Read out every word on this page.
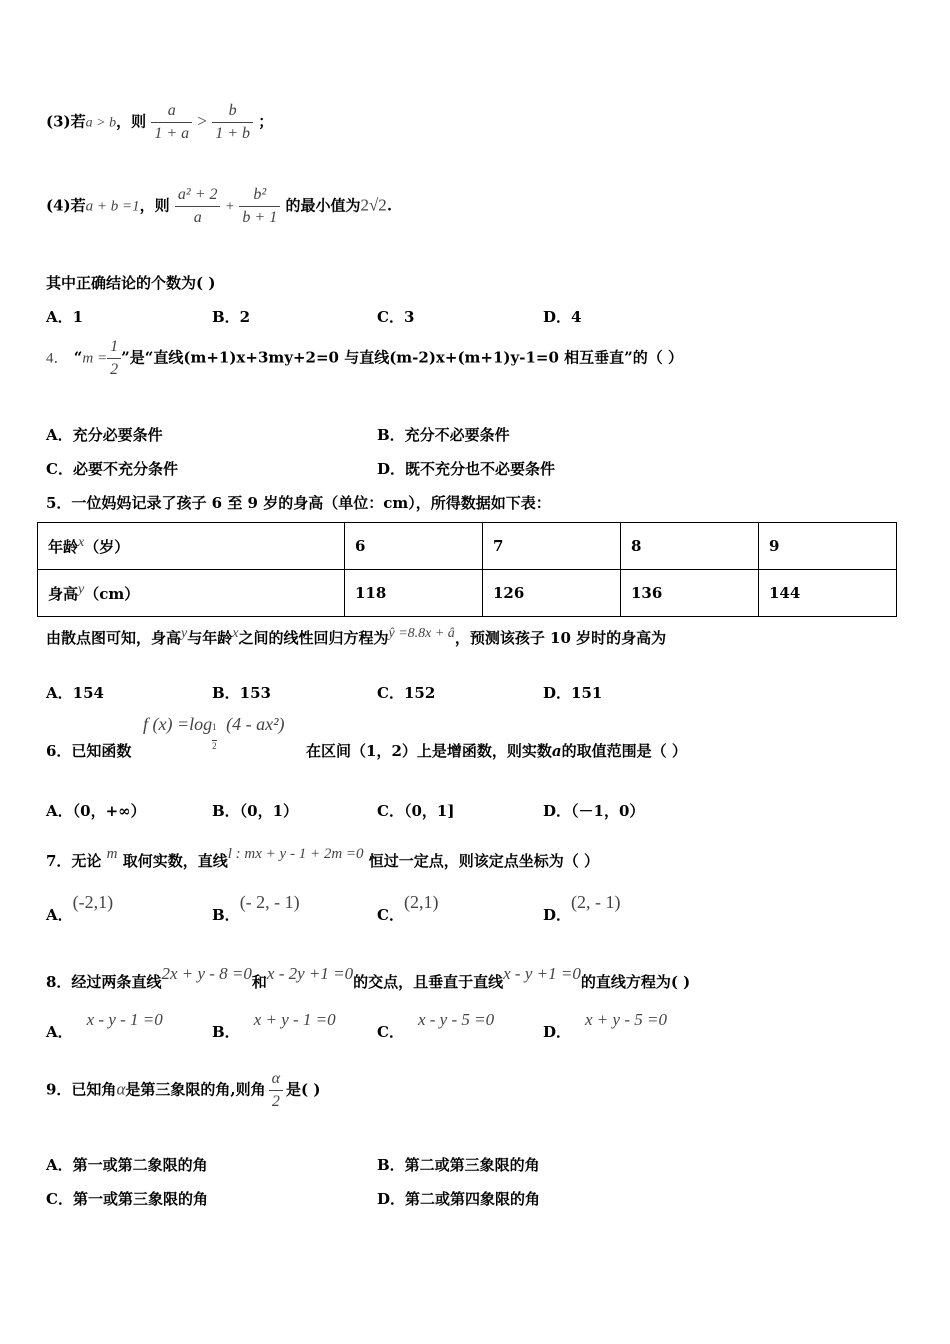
(3)若a > b，则 $\frac{a}{1 + a} > \frac{b}{1 + b}$ ；
(4)若a + b =1，则 $\frac{\text{a² + 2}}{a} + \frac{\text{b²}}{b + 1}$ 的最小值为2√2.
其中正确结论的个数为( )
A．1	B．2	C．3	D．4
4． “$m = \frac{1}{2}$ ”是“直线(m+1)x+3my+2=0 与直线(m-2)x+(m+1)y-1=0 相互垂直”的（ ）
A．充分必要条件	B．充分不必要条件
C．必要不充分条件	D．既不充分也不必要条件
5．一位妈妈记录了孩子 6 至 9 岁的身高（单位：cm），所得数据如下表：
年龄x（岁）	6	7	8	9
身高y（cm）	118	126	136	144
由散点图可知，身高y与年龄x之间的线性回归方程为ŷ =8.8x + â，预测该孩子 10 岁时的身高为
A．154	B．153	C．152	D．151
6．已知函数
f $(x) =\log \frac{1}{2} (4 - ax^2)$
在区间（1，2）上是增函数，则实数a的取值范围是（ ）
A．（0，+∞）	B．（0，1）	C．（0，1]	D．（－1，0）
7．无论 m 取何实数，直线l : mx + y - 1 + 2m =0 恒过一定点，则该定点坐标为（ ）
A．(-2,1)
B．(- 2, - 1)
C．(2,1)
D．(2, - 1)
8．经过两条直线2x + y - 8 =0和x - 2y +1 =0的交点，且垂直于直线x - y +1 =0的直线方程为( )
A．x - y - 1 =0
B．x + y - 1 =0
C．x - y - 5 =0
D．x + y - 5 =0
9．已知角α是第三象限的角,则角 $\frac{\alpha}{2}$ 是( )
A．第一或第二象限的角	B．第二或第三象限的角
C．第一或第三象限的角	D．第二或第四象限的角
